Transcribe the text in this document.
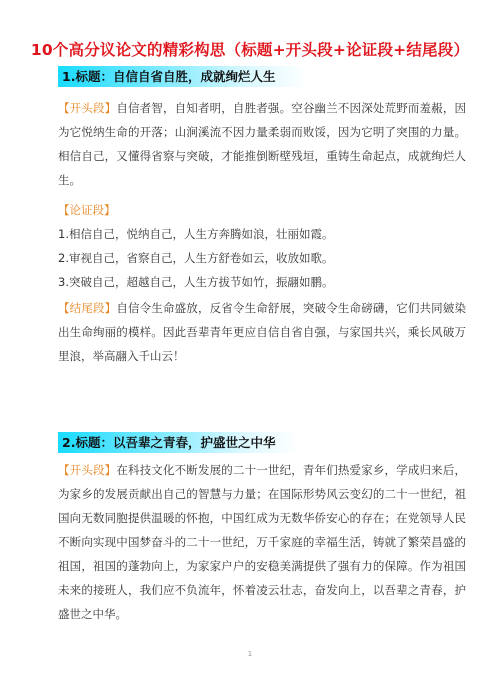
10个高分议论文的精彩构思（标题+开头段+论证段+结尾段）
1.标题：自信自省自胜，成就绚烂人生
【开头段】自信者智，自知者明，自胜者强。空谷幽兰不因深处荒野而羞赧，因为它悦纳生命的开落；山涧溪流不因力量柔弱而败馁，因为它明了突围的力量。相信自己，又懂得省察与突破，才能推倒断壁残垣，重铸生命起点，成就绚烂人生。
【论证段】
1.相信自己，悦纳自己，人生方奔腾如浪，壮丽如霞。
2.审视自己，省察自己，人生方舒卷如云，收放如歌。
3.突破自己，超越自己，人生方拔节如竹，振翮如鹏。
【结尾段】自信令生命盛放，反省令生命舒展，突破令生命磅礴，它们共同皴染出生命绚丽的模样。因此吾辈青年更应自信自省自强，与家国共兴，乘长风破万里浪，举高翮入千山云！
2.标题：以吾辈之青春，护盛世之中华
【开头段】在科技文化不断发展的二十一世纪，青年们热爱家乡，学成归来后，为家乡的发展贡献出自己的智慧与力量；在国际形势风云变幻的二十一世纪，祖国向无数同胞提供温暖的怀抱，中国红成为无数华侨安心的存在；在党领导人民不断向实现中国梦奋斗的二十一世纪，万千家庭的幸福生活，铸就了繁荣昌盛的祖国，祖国的蓬勃向上，为家家户户的安稳美满提供了强有力的保障。作为祖国未来的接班人，我们应不负流年，怀着凌云壮志，奋发向上，以吾辈之青春，护盛世之中华。
1
